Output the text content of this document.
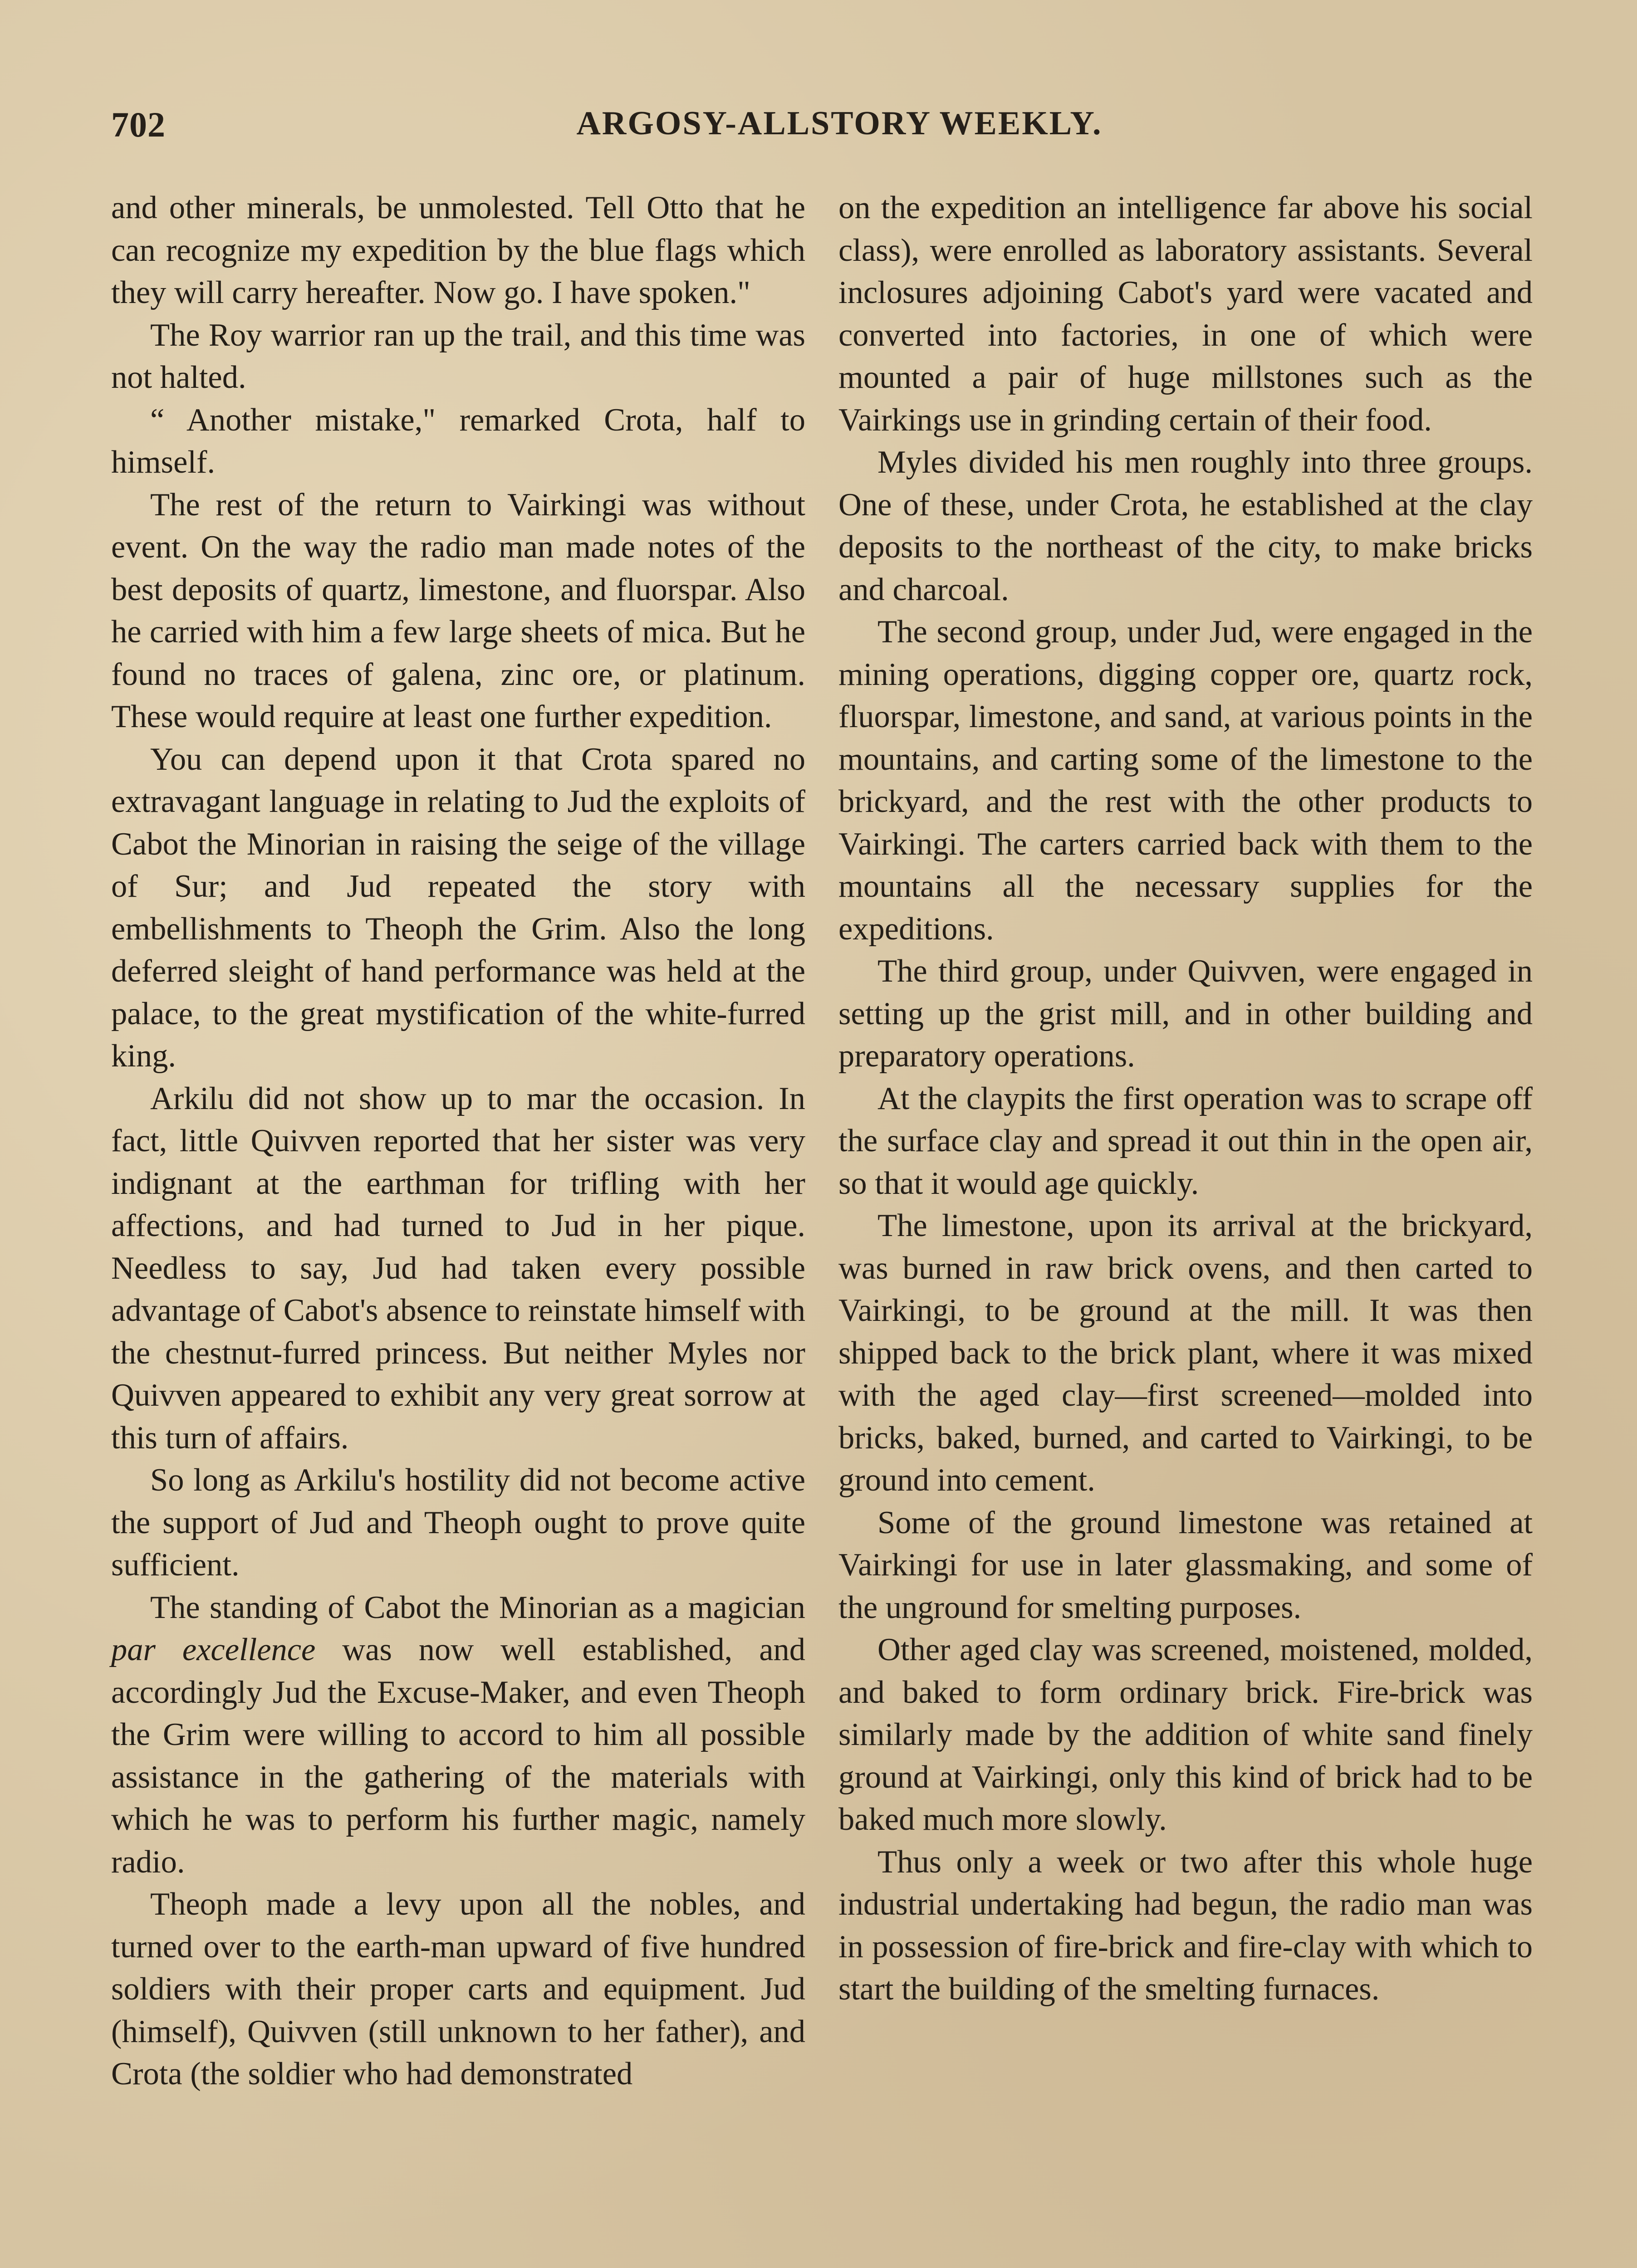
702	ARGOSY-ALLSTORY WEEKLY.

and other minerals, be unmolested. Tell Otto that he can recognize my expedition by the blue flags which they will carry hereafter. Now go. I have spoken."

The Roy warrior ran up the trail, and this time was not halted.

“ Another mistake," remarked Crota, half to himself.

The rest of the return to Vairkingi was without event. On the way the radio man made notes of the best deposits of quartz, limestone, and fluorspar. Also he carried with him a few large sheets of mica. But he found no traces of galena, zinc ore, or platinum. These would require at least one further expedition.

You can depend upon it that Crota spared no extravagant language in relating to Jud the exploits of Cabot the Minorian in raising the seige of the village of Sur; and Jud repeated the story with embellishments to Theoph the Grim. Also the long deferred sleight of hand performance was held at the palace, to the great mystification of the white-furred king.

Arkilu did not show up to mar the occasion. In fact, little Quivven reported that her sister was very indignant at the earthman for trifling with her affections, and had turned to Jud in her pique. Needless to say, Jud had taken every possible advantage of Cabot's absence to reinstate himself with the chestnut-furred princess. But neither Myles nor Quivven appeared to exhibit any very great sorrow at this turn of affairs.

So long as Arkilu's hostility did not become active the support of Jud and Theoph ought to prove quite sufficient.

The standing of Cabot the Minorian as a magician par excellence was now well established, and accordingly Jud the Excuse-Maker, and even Theoph the Grim were willing to accord to him all possible assistance in the gathering of the materials with which he was to perform his further magic, namely radio.

Theoph made a levy upon all the nobles, and turned over to the earth-man upward of five hundred soldiers with their proper carts and equipment. Jud (himself), Quivven (still unknown to her father), and Crota (the soldier who had demonstrated

on the expedition an intelligence far above his social class), were enrolled as laboratory assistants. Several inclosures adjoining Cabot's yard were vacated and converted into factories, in one of which were mounted a pair of huge millstones such as the Vairkings use in grinding certain of their food.

Myles divided his men roughly into three groups. One of these, under Crota, he established at the clay deposits to the northeast of the city, to make bricks and charcoal.

The second group, under Jud, were engaged in the mining operations, digging copper ore, quartz rock, fluorspar, limestone, and sand, at various points in the mountains, and carting some of the limestone to the brickyard, and the rest with the other products to Vairkingi. The carters carried back with them to the mountains all the necessary supplies for the expeditions.

The third group, under Quivven, were engaged in setting up the grist mill, and in other building and preparatory operations.

At the claypits the first operation was to scrape off the surface clay and spread it out thin in the open air, so that it would age quickly.

The limestone, upon its arrival at the brickyard, was burned in raw brick ovens, and then carted to Vairkingi, to be ground at the mill. It was then shipped back to the brick plant, where it was mixed with the aged clay—first screened—molded into bricks, baked, burned, and carted to Vairkingi, to be ground into cement.

Some of the ground limestone was retained at Vairkingi for use in later glassmaking, and some of the unground for smelting purposes.

Other aged clay was screened, moistened, molded, and baked to form ordinary brick. Fire-brick was similarly made by the addition of white sand finely ground at Vairkingi, only this kind of brick had to be baked much more slowly.

Thus only a week or two after this whole huge industrial undertaking had begun, the radio man was in possession of fire-brick and fire-clay with which to start the building of the smelting furnaces.
